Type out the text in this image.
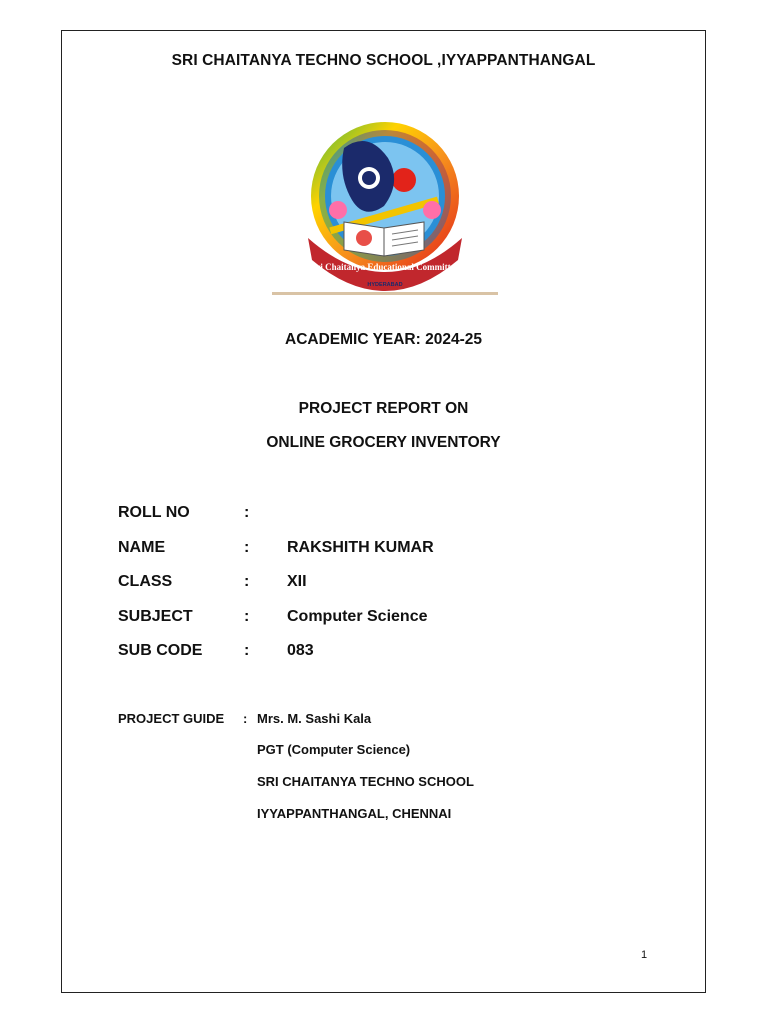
SRI CHAITANYA TECHNO SCHOOL ,IYYAPPANTHANGAL
Sri Chaitanya Educational Committee
HYDERABAD
ACADEMIC YEAR: 2024-25
PROJECT REPORT ON
ONLINE GROCERY INVENTORY
ROLL NO	:
NAME	: RAKSHITH KUMAR
CLASS	: XII
SUBJECT	: Computer Science
SUB CODE	: 083
PROJECT GUIDE : Mrs. M. Sashi Kala
PGT (Computer Science)
SRI CHAITANYA TECHNO SCHOOL
IYYAPPANTHANGAL, CHENNAI
1
